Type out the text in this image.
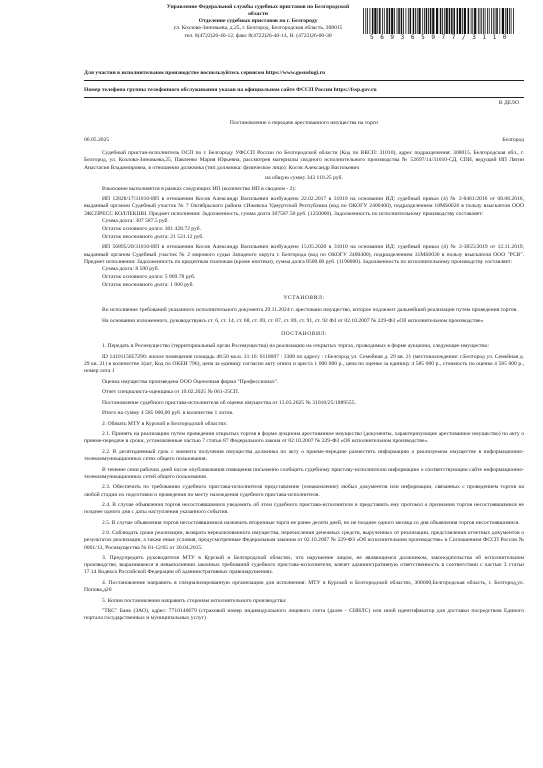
Управление Федеральной службы судебных приставов по Белгородской
области
Отделение судебных приставов по г. Белгороду
ул. Козлова-Зиновьева, д.25, г. Белгород, Белгородская область, 308015
тел. 8(4722)26-40-12, факс 8(4722)26-40-14, Н. (4722)26-00-30	5 6 9 3 6 5 9 7 7 / 3 1 1 0
Для участия в исполнительном производстве воспользуйтесь сервисом https://www.gosuslugi.ru
Номер телефона группы телефонного обслуживания указан на официальном сайте ФССП России https://fssp.gov.ru
В ДЕЛО
Постановление о передаче арестованного имущества на торги
06.05.2025	Белгород

Судебный пристав-исполнитель ОСП по г. Белгороду УФССП России по Белгородской области (Код по ВКСП: 31010), адрес подразделения: 308015, Белгородская обл., г. Белгород, ул. Козлова-Зиновьева,25, Павленко Мария Юрьевна, рассмотрев материалы сводного исполнительного производства № 52697/14/31010-СД, СПИ, ведущий ИП Лягин Анастасия Владимировна, в отношении должника (тип должника: физическое лицо): Косов Александр Васильевич

на общую сумму 343 110.25 руб.

Взыскание выполняется в рамках следующих ИП (количество ИП в сводном - 2):

ИП 12828/17/31010-ИП в отношении Косов Александр Васильевич возбуждено 22.02.2017 в 31010 на основании ИД: судебный приказ (4) № 2-8461/2016 от 08.08.2016, выданный органом Судебный участок № 7 Октябрьского района г.Ижевска Удмуртской Республики (код по ОКОГУ 2400400), подразделением 18MS0026 в пользу взыскателя ООО ЭКСПРЕСС КОЛЛЕКШН. Предмет исполнения: Задолженность, сумма долга 307587.50 руб. (1250000). Задолженность по исполнительному производству составляет:

Сумма долга: 307 587.5 руб.

Остаток основного долга: 301 428.72 руб.

Остаток неосновного долга: 21 531.12 руб.

ИП 56895/20/31010-ИП в отношении Косов Александр Васильевич возбуждено 15.05.2020 в 31010 на основании ИД: судебный приказ (4) № 2-3655/2019 от 12.11.2019, выданный органом Судебный участок № 2 мирового судьи Западного округа г. Белгорода (код по ОКОГУ 2400400), подразделением 31MS0036 в пользу взыскателя ООО "РСВ". Предмет исполнения: Задолженность по кредитным платежам (кроме ипотеки), сумма долга 8500.00 руб. (1190000). Задолженность по исполнительному производству составляет:

Сумма долга: 8 500 руб.

Остаток основного долга: 5 969.78 руб.

Остаток неосновного долга: 1 000 руб.

УСТАНОВИЛ:

Во исполнение требований указанного исполнительного документа 29.11.2024 г. арестовано имущество, которое подлежит дальнейшей реализации путем проведения торгов.

На основании изложенного, руководствуясь ст. 6, ст. 14, ст. 68, ст. 69, ст. 87, ст. 89, ст. 91, ст. 92 ФЗ от 02.10.2007 № 229-ФЗ «Об исполнительном производстве»

ПОСТАНОВИЛ:

1. Передать в Росимущество (территориальный орган Росимущества) на реализацию на открытых торгах, проводимых в форме аукциона, следующее имущество:

ID 1410115857290: жилое помещение площадь 48.50 кв.м. 31:16: 0118007 : 3308 по адресу : г.Белгород ул. Семейная д. 29 кв. 21 (местонахождение: г.Белгород ул. Семейная д. 29 кв. 21) в количестве 1(шт, Код по ОКЕИ 796), цена за единицу согласно акту описи и ареста 1 000 000 р., цена по оценке за единицу 4 585 000 р., стоимость по оценке 4 585 000 р., номер лота 1

Оценка имущества произведена ООО Оценочная фирма "Профессионал".

Отчет специалиста-оценщика от 10.02.2025 № 061-25СП.

Постановление судебного пристава-исполнителя об оценке имущества от 13.03.2025 № 31010/25/1889555.

Итого на сумму 4 585 000,00 руб. в количестве 1 лотов.

2. Обязать МТУ в Курской и Белгородской областях:

2.1. Принять на реализацию путем проведения открытых торгов в форме аукциона арестованное имущество (документы, характеризующие арестованное имущество) по акту о приеме-передаче в сроки, установленные частью 7 статьи 87 Федерального закона от 02.10.2007 № 229-ФЗ «Об исполнительном производстве».

2.2. В десятидневный срок с момента получения имущества должника по акту о приеме-передаче разместить информацию о реализуемом имуществе в информационно-телекоммуникационных сетях общего пользования.

В течение семи рабочих дней после опубликования извещения письменно сообщить судебному приставу-исполнителю информацию о соответствующем сайте информационно-телекоммуникационных сетей общего пользования.

2.3. Обеспечить по требованию судебного пристава-исполнителя представление (ознакомление) любых документов или информации, связанных с проведением торгов на любой стадии их подготовки и проведения по месту нахождения судебного пристава-исполнителя.

2.4. В случае объявления торгов несостоявшимися уведомить об этом судебного пристава-исполнителя и представить ему протокол о признании торгов несостоявшимися не позднее одного дня с даты наступления указанного события.

2.5. В случае объявления торгов несостоявшимися назначить вторичные торги не ранее десяти дней, но не позднее одного месяца со дня объявления торгов несостоявшимися.

2.6. Соблюдать сроки реализации, возврата нереализованного имущества, перечисления денежных средств, вырученных от реализации, представления отчетных документов о результатах реализации, а также иные условия, предусмотренные Федеральным законом от 02.10.2007 № 229-ФЗ «Об исполнительном производстве» и Соглашением ФССП России № 0001/13, Росимущества № 01-12/65 от 30.04.2015.

3. Предупредить руководителя МТУ в Курской и Белгородской областях, что нарушение лицом, не являющимся должником, законодательства об исполнительном производстве, выразившееся в невыполнении законных требований судебного пристава-исполнителя, влечет административную ответственность в соответствии с частью 3 статьи 17.14 Кодекса Российской Федерации об административных правонарушениях.

4. Постановление направить в специализированную организацию для исполнения: МТУ в Курской и Белгородской областях, 308600,Белгородская область, г. Белгород,ул. Попова,д20

5. Копии постановления направить сторонам исполнительного производства:

"ТКС" Банк (ЗАО), адрес: 7710140679 (страховой номер индивидуального лицевого счета (далее - СНИЛС) или иной идентификатор для доставки посредством Единого портала государственных и муниципальных услуг)
